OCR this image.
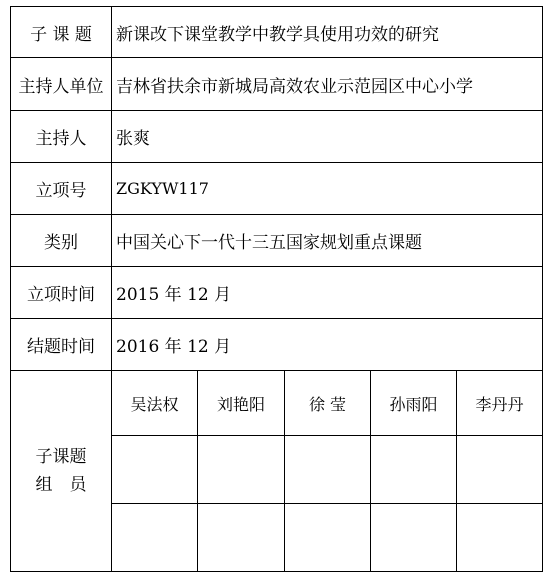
子 课 题	新课改下课堂教学中教学具使用功效的研究				
主持人单位	吉林省扶余市新城局高效农业示范园区中心小学				
主持人	张爽				
立项号	ZGKYW117				
类别	中国关心下一代十三五国家规划重点课题				
立项时间	2015 年 12 月				
结题时间	2016 年 12 月				
子课题
组　员	吴法权	刘艳阳	徐 莹	孙雨阳	李丹丹
